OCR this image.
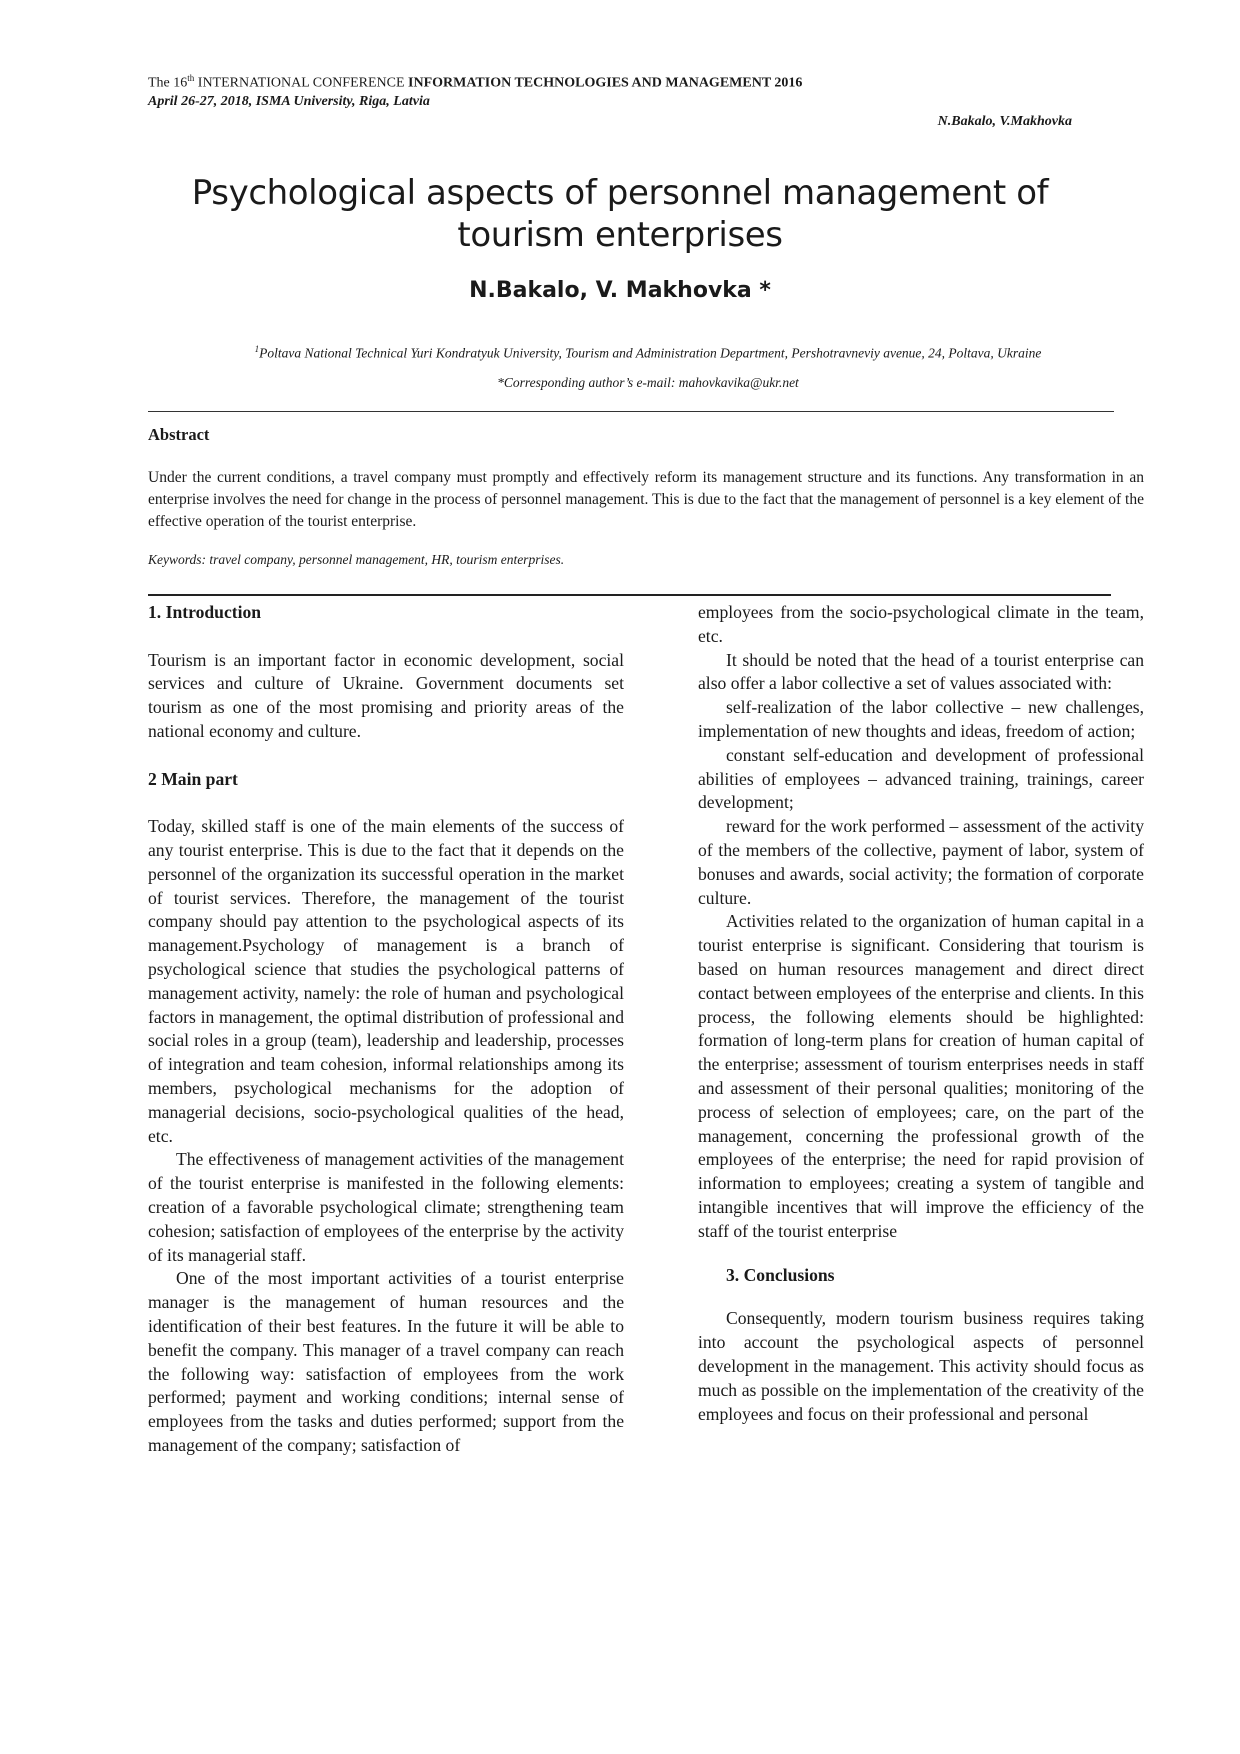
The 16th INTERNATIONAL CONFERENCE INFORMATION TECHNOLOGIES AND MANAGEMENT 2016
April 26-27, 2018, ISMA University, Riga, Latvia
N.Bakalo, V.Makhovka
Psychological aspects of personnel management of tourism enterprises
N.Bakalo, V. Makhovka *
$^1$Poltava National Technical Yuri Kondratyuk University, Tourism and Administration Department, Pershotravneviy avenue, 24, Poltava, Ukraine
*Corresponding author’s e-mail: mahovkavika@ukr.net
Abstract
Under the current conditions, a travel company must promptly and effectively reform its management structure and its functions. Any transformation in an enterprise involves the need for change in the process of personnel management. This is due to the fact that the management of personnel is a key element of the effective operation of the tourist enterprise.
Keywords: travel company, personnel management, HR, tourism enterprises.
1. Introduction

Tourism is an important factor in economic development, social services and culture of Ukraine. Government documents set tourism as one of the most promising and priority areas of the national economy and culture.

2 Main part

Today, skilled staff is one of the main elements of the success of any tourist enterprise. This is due to the fact that it depends on the personnel of the organization its successful operation in the market of tourist services. Therefore, the management of the tourist company should pay attention to the psychological aspects of its management.Psychology of management is a branch of psychological science that studies the psychological patterns of management activity, namely: the role of human and psychological factors in management, the optimal distribution of professional and social roles in a group (team), leadership and leadership, processes of integration and team cohesion, informal relationships among its members, psychological mechanisms for the adoption of managerial decisions, socio-psychological qualities of the head, etc.

The effectiveness of management activities of the management of the tourist enterprise is manifested in the following elements: creation of a favorable psychological climate; strengthening team cohesion; satisfaction of employees of the enterprise by the activity of its managerial staff.

One of the most important activities of a tourist enterprise manager is the management of human resources and the identification of their best features. In the future it will be able to benefit the company. This manager of a travel company can reach the following way: satisfaction of employees from the work performed; payment and working conditions; internal sense of employees from the tasks and duties performed; support from the management of the company; satisfaction of

employees from the socio-psychological climate in the team, etc.

It should be noted that the head of a tourist enterprise can also offer a labor collective a set of values associated with:

self-realization of the labor collective – new challenges, implementation of new thoughts and ideas, freedom of action;

constant self-education and development of professional abilities of employees – advanced training, trainings, career development;

reward for the work performed – assessment of the activity of the members of the collective, payment of labor, system of bonuses and awards, social activity; the formation of corporate culture.

Activities related to the organization of human capital in a tourist enterprise is significant. Considering that tourism is based on human resources management and direct direct contact between employees of the enterprise and clients. In this process, the following elements should be highlighted: formation of long-term plans for creation of human capital of the enterprise; assessment of tourism enterprises needs in staff and assessment of their personal qualities; monitoring of the process of selection of employees; care, on the part of the management, concerning the professional growth of the employees of the enterprise; the need for rapid provision of information to employees; creating a system of tangible and intangible incentives that will improve the efficiency of the staff of the tourist enterprise

3. Conclusions

Consequently, modern tourism business requires taking into account the psychological aspects of personnel development in the management. This activity should focus as much as possible on the implementation of the creativity of the employees and focus on their professional and personal
